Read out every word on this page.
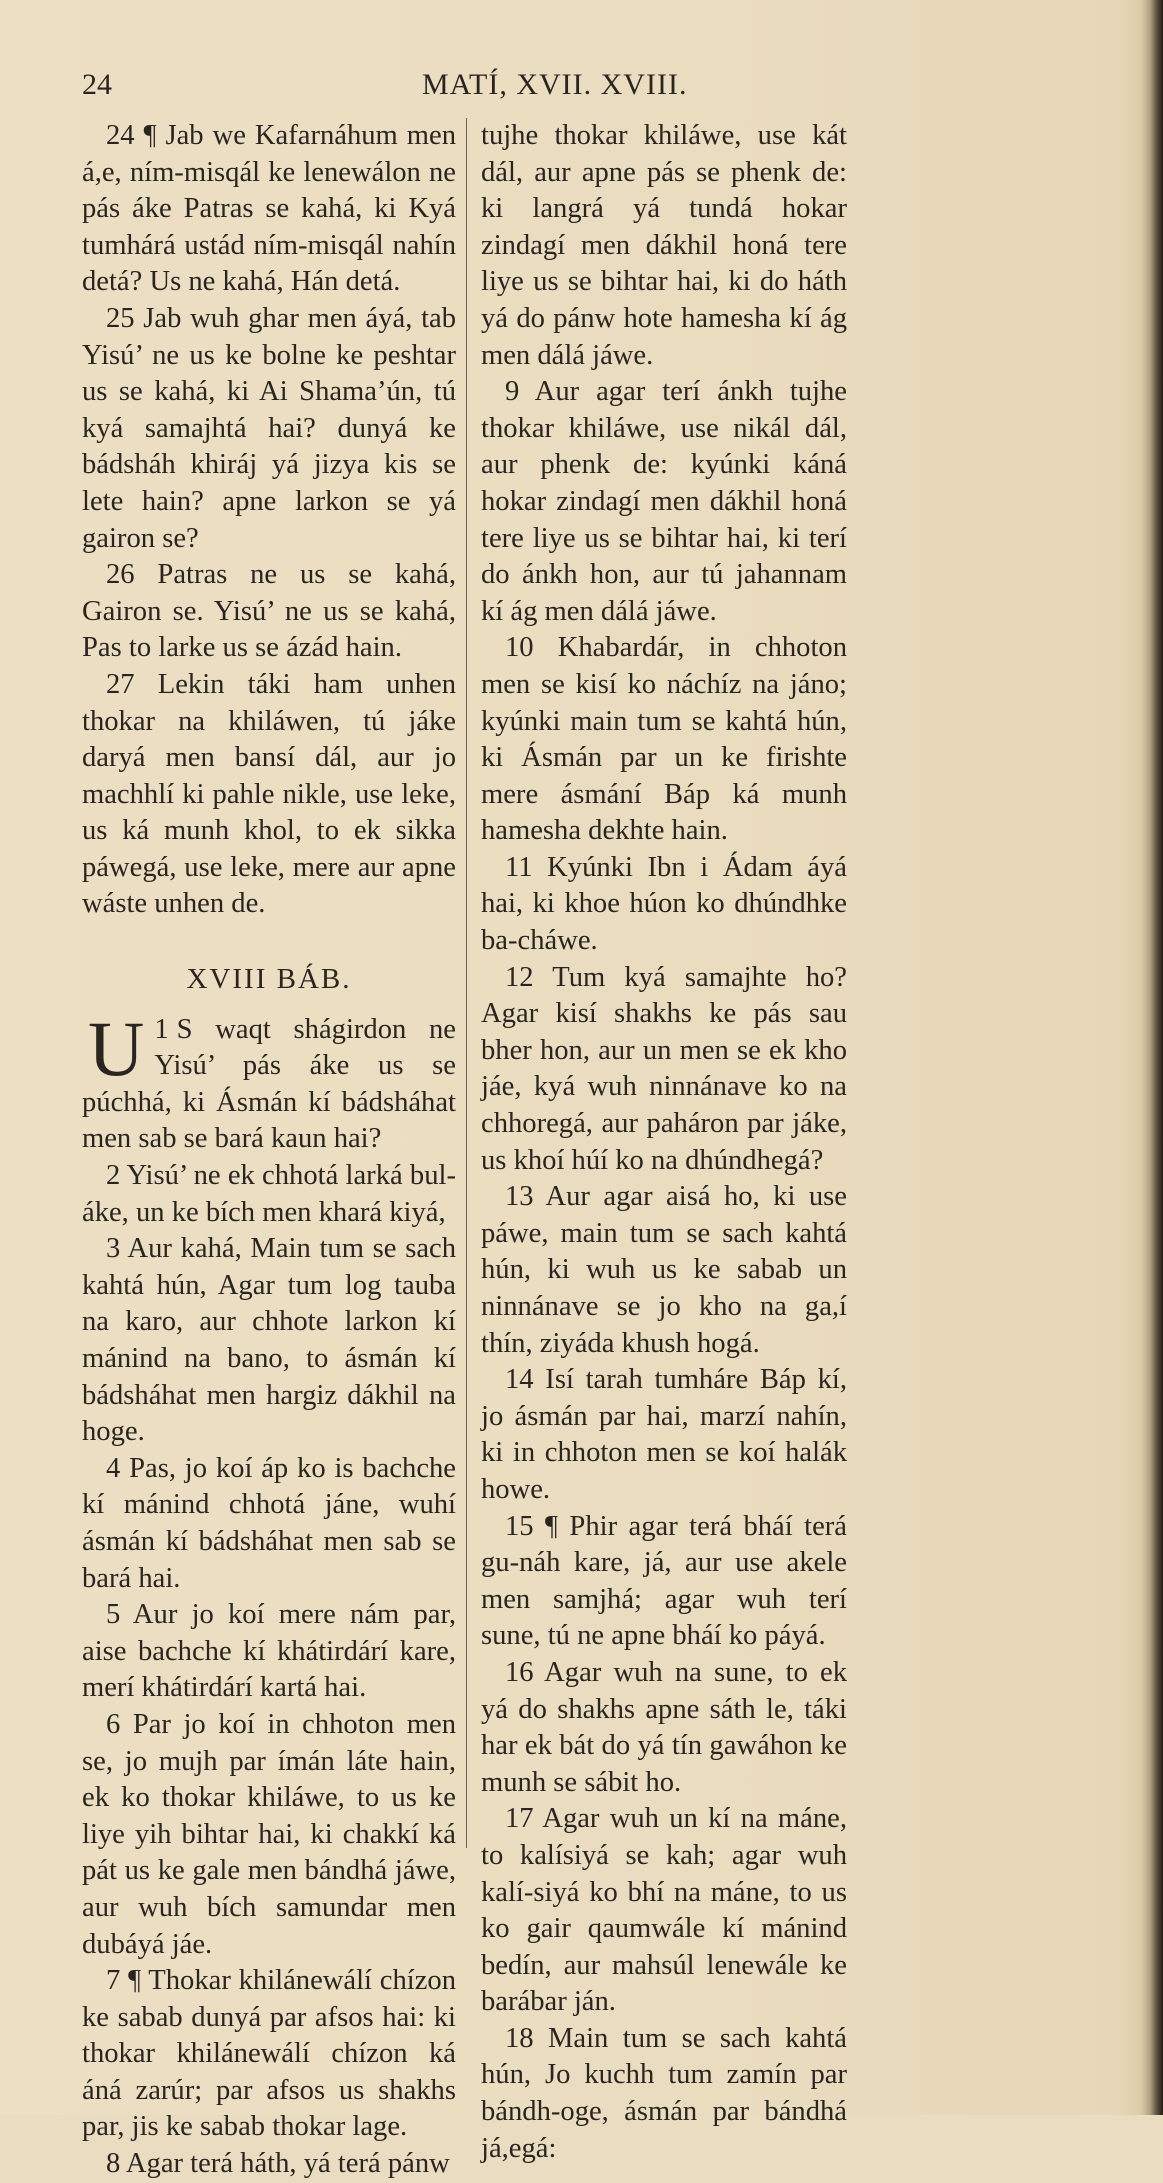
24	MATÍ, XVII. XVIII.

24 ¶ Jab we Kafarnáhum men á,e, ním-misqál ke lenewálon ne pás áke Patras se kahá, ki Kyá tumhárá ustád ním-misqál nahín detá? Us ne kahá, Hán detá.

25 Jab wuh ghar men áyá, tab Yisú’ ne us ke bolne ke peshtar us se kahá, ki Ai Shama’ún, tú kyá samajhtá hai? dunyá ke bádsháh khiráj yá jizya kis se lete hain? apne larkon se yá gairon se?

26 Patras ne us se kahá, Gairon se. Yisú’ ne us se kahá, Pas to larke us se ázád hain.

27 Lekin táki ham unhen thokar na khiláwen, tú jáke daryá men bansí dál, aur jo machhlí ki pahle nikle, use leke, us ká munh khol, to ek sikka páwegá, use leke, mere aur apne wáste unhen de.

XVIII BÁB.

1
U S waqt shágirdon ne Yisú’ pás áke us se púchhá, ki Ásmán kí bádsháhat men sab se bará kaun hai?

2 Yisú’ ne ek chhotá larká bul-áke, un ke bích men khará kiyá,

3 Aur kahá, Main tum se sach kahtá hún, Agar tum log tauba na karo, aur chhote larkon kí mánind na bano, to ásmán kí bádsháhat men hargiz dákhil na hoge.

4 Pas, jo koí áp ko is bachche kí mánind chhotá jáne, wuhí ásmán kí bádsháhat men sab se bará hai.

5 Aur jo koí mere nám par, aise bachche kí khátirdárí kare, merí khátirdárí kartá hai.

6 Par jo koí in chhoton men se, jo mujh par ímán láte hain, ek ko thokar khiláwe, to us ke liye yih bihtar hai, ki chakkí ká pát us ke gale men bándhá jáwe, aur wuh bích samundar men dubáyá jáe.

7 ¶ Thokar khilánewálí chízon ke sabab dunyá par afsos hai: ki thokar khilánewálí chízon ká áná zarúr; par afsos us shakhs par, jis ke sabab thokar lage.

8 Agar terá háth, yá terá pánw

tujhe thokar khiláwe, use kát dál, aur apne pás se phenk de: ki langrá yá tundá hokar zindagí men dákhil honá tere liye us se bihtar hai, ki do háth yá do pánw hote hamesha kí ág men dálá jáwe.

9 Aur agar terí ánkh tujhe thokar khiláwe, use nikál dál, aur phenk de: kyúnki káná hokar zindagí men dákhil honá tere liye us se bihtar hai, ki terí do ánkh hon, aur tú jahannam kí ág men dálá jáwe.

10 Khabardár, in chhoton men se kisí ko náchíz na jáno; kyúnki main tum se kahtá hún, ki Ásmán par un ke firishte mere ásmání Báp ká munh hamesha dekhte hain.

11 Kyúnki Ibn i Ádam áyá hai, ki khoe húon ko dhúndhke ba-cháwe.

12 Tum kyá samajhte ho? Agar kisí shakhs ke pás sau bher hon, aur un men se ek kho jáe, kyá wuh ninnánave ko na chhoregá, aur paháron par jáke, us khoí húí ko na dhúndhegá?

13 Aur agar aisá ho, ki use páwe, main tum se sach kahtá hún, ki wuh us ke sabab un ninnánave se jo kho na ga,í thín, ziyáda khush hogá.

14 Isí tarah tumháre Báp kí, jo ásmán par hai, marzí nahín, ki in chhoton men se koí halák howe.

15 ¶ Phir agar terá bháí terá gu-náh kare, já, aur use akele men samjhá; agar wuh terí sune, tú ne apne bháí ko páyá.

16 Agar wuh na sune, to ek yá do shakhs apne sáth le, táki har ek bát do yá tín gawáhon ke munh se sábit ho.

17 Agar wuh un kí na máne, to kalísiyá se kah; agar wuh kalí-siyá ko bhí na máne, to us ko gair qaumwále kí mánind bedín, aur mahsúl lenewále ke barábar ján.

18 Main tum se sach kahtá hún, Jo kuchh tum zamín par bándh-oge, ásmán par bándhá já,egá:
